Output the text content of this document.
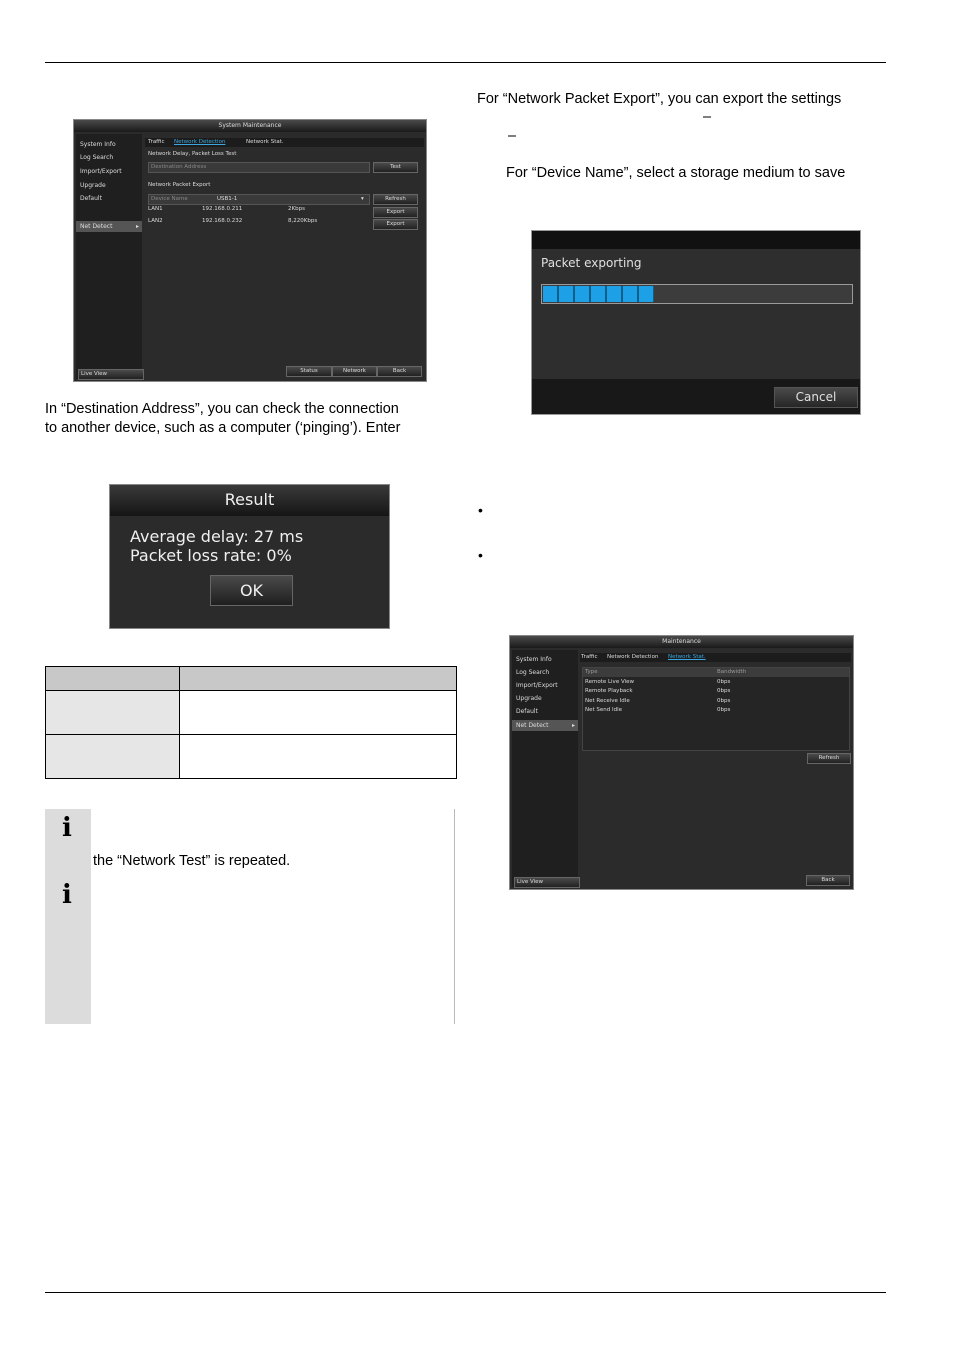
System Maintenance
System Info
Log Search
Import/Export
Upgrade
Default
Net Detect	▸
Live View
Traffic Network Detection	Network Stat.
Network Delay, Packet Loss Test
Destination Address	Test
Network Packet Export
Device Name	USB1-1	▾	Refresh
LAN1	192.168.0.211	2Kbps	Export
LAN2	192.168.0.232	8,220Kbps	Export
Status	Network	Back
For “Network Packet Export”, you can export the settings
–
–
For “Device Name”, select a storage medium to save
Packet exporting
Cancel
In “Destination Address”, you can check the connection
to another device, such as a computer (‘pinging’). Enter
Result
Average delay: 27 ms
Packet loss rate: 0%
OK
•
•

i
i
the “Network Test” is repeated.
Maintenance
System Info
Log Search
Import/Export
Upgrade
Default
Net Detect	▸
Live View
Traffic Network Detection Network Stat.
Type	Bandwidth
Remote Live View	0bps
Remote Playback	0bps
Net Receive Idle	0bps
Net Send Idle	0bps
Refresh
Back
